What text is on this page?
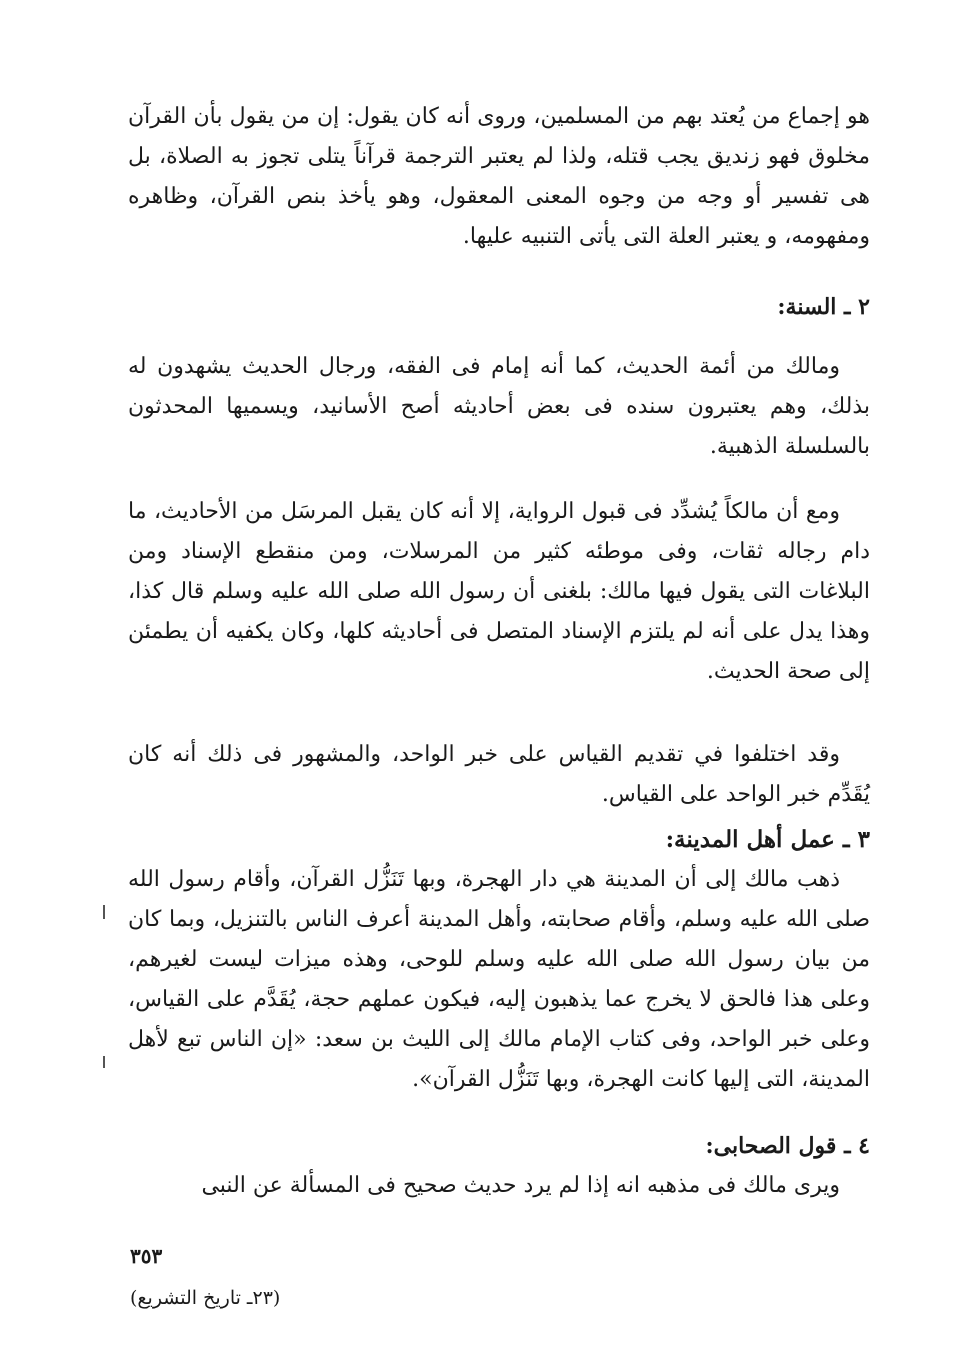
هو إجماع من يُعتد بهم من المسلمين، وروى أنه كان يقول: إن من يقول بأن القرآن مخلوق فهو زنديق يجب قتله، ولذا لم يعتبر الترجمة قرآناً يتلى تجوز به الصلاة، بل هى تفسير أو وجه من وجوه المعنى المعقول، وهو يأخذ بنص القرآن، وظاهره ومفهومه، و يعتبر العلة التى يأتى التنبيه عليها.
٢ ـ السنة:
ومالك من أئمة الحديث، كما أنه إمام فى الفقه، ورجال الحديث يشهدون له بذلك، وهم يعتبرون سنده فى بعض أحاديثه أصح الأسانيد، ويسميها المحدثون بالسلسلة الذهبية.
ومع أن مالكاً يُشدِّد فى قبول الرواية، إلا أنه كان يقبل المرسَل من الأحاديث، ما دام رجاله ثقات، وفى موطئه كثير من المرسلات، ومن منقطع الإسناد ومن البلاغات التى يقول فيها مالك: بلغنى أن رسول الله صلى الله عليه وسلم قال كذا، وهذا يدل على أنه لم يلتزم الإسناد المتصل فى أحاديثه كلها، وكان يكفيه أن يطمئن إلى صحة الحديث.
وقد اختلفوا في تقديم القياس على خبر الواحد، والمشهور فى ذلك أنه كان يُقَدِّم خبر الواحد على القياس.
٣ ـ عمل أهل المدينة:
ذهب مالك إلى أن المدينة هي دار الهجرة، وبها تَنَزُّل القرآن، وأقام رسول الله صلى الله عليه وسلم، وأقام صحابته، وأهل المدينة أعرف الناس بالتنزيل، وبما كان من بيان رسول الله صلى الله عليه وسلم للوحى، وهذه ميزات ليست لغيرهم، وعلى هذا فالحق لا يخرج عما يذهبون إليه، فيكون عملهم حجة، يُقَدَّم على القياس، وعلى خبر الواحد، وفى كتاب الإمام مالك إلى الليث بن سعد: «إن الناس تبع لأهل المدينة، التى إليها كانت الهجرة، وبها تَنَزُّل القرآن».
٤ ـ قول الصحابى:
ويرى مالك فى مذهبه انه إذا لم يرد حديث صحيح فى المسألة عن النبى
٣٥٣
(٢٣ـ تاريخ التشريع)
